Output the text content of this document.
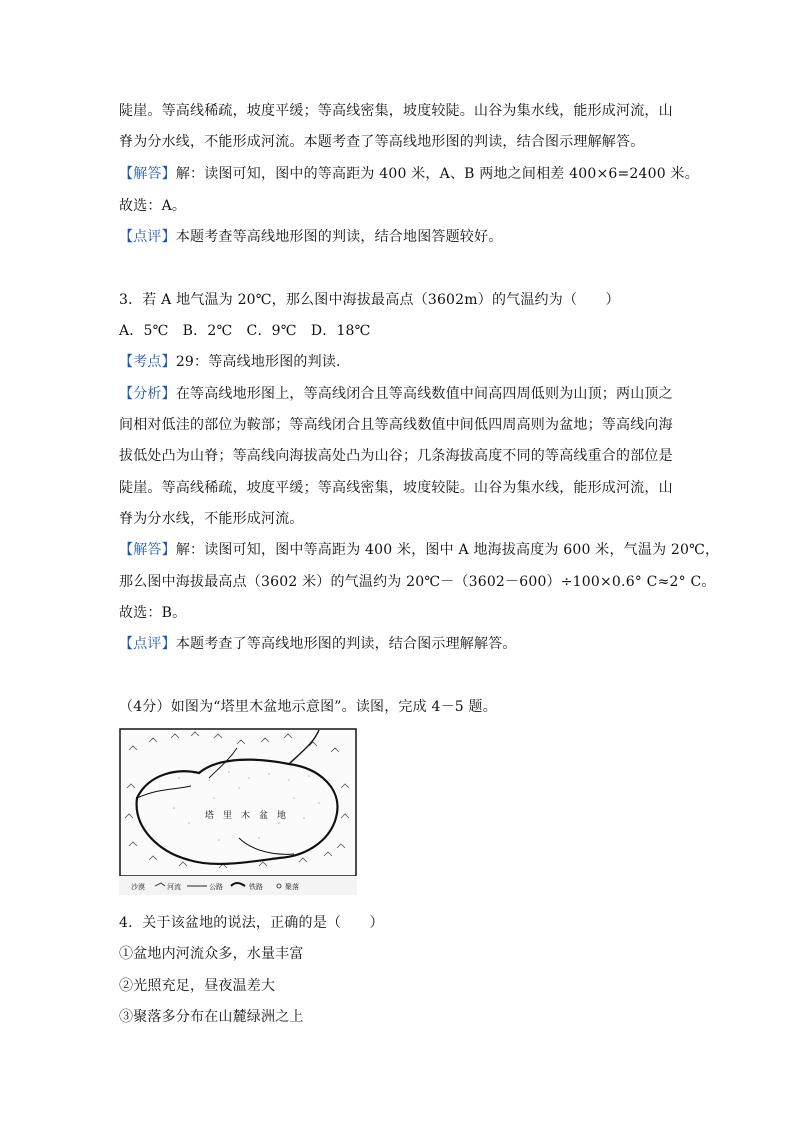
陡崖。等高线稀疏，坡度平缓；等高线密集，坡度较陡。山谷为集水线，能形成河流，山
脊为分水线，不能形成河流。本题考查了等高线地形图的判读，结合图示理解解答。
【解答】解：读图可知，图中的等高距为 400 米，A、B 两地之间相差 400×6=2400 米。
故选：A。
【点评】本题考查等高线地形图的判读，结合地图答题较好。
3．若 A 地气温为 20℃，那么图中海拔最高点（3602m）的气温约为（　　）
A．5℃　B．2℃　C．9℃　D．18℃
【考点】29：等高线地形图的判读．
【分析】在等高线地形图上，等高线闭合且等高线数值中间高四周低则为山顶；两山顶之
间相对低洼的部位为鞍部；等高线闭合且等高线数值中间低四周高则为盆地；等高线向海
拔低处凸为山脊；等高线向海拔高处凸为山谷；几条海拔高度不同的等高线重合的部位是
陡崖。等高线稀疏，坡度平缓；等高线密集，坡度较陡。山谷为集水线，能形成河流，山
脊为分水线，不能形成河流。
【解答】解：读图可知，图中等高距为 400 米，图中 A 地海拔高度为 600 米，气温为 20℃，
那么图中海拔最高点（3602 米）的气温约为 20℃－（3602－600）÷100×0.6° C≈2° C。
故选：B。
【点评】本题考查了等高线地形图的判读，结合图示理解解答。
（4分）如图为“塔里木盆地示意图”。读图，完成 4－5 题。
塔里木盆地
沙漠	河流	公路	铁路	聚落
4．关于该盆地的说法，正确的是（　　）
①盆地内河流众多，水量丰富
②光照充足，昼夜温差大
③聚落多分布在山麓绿洲之上
